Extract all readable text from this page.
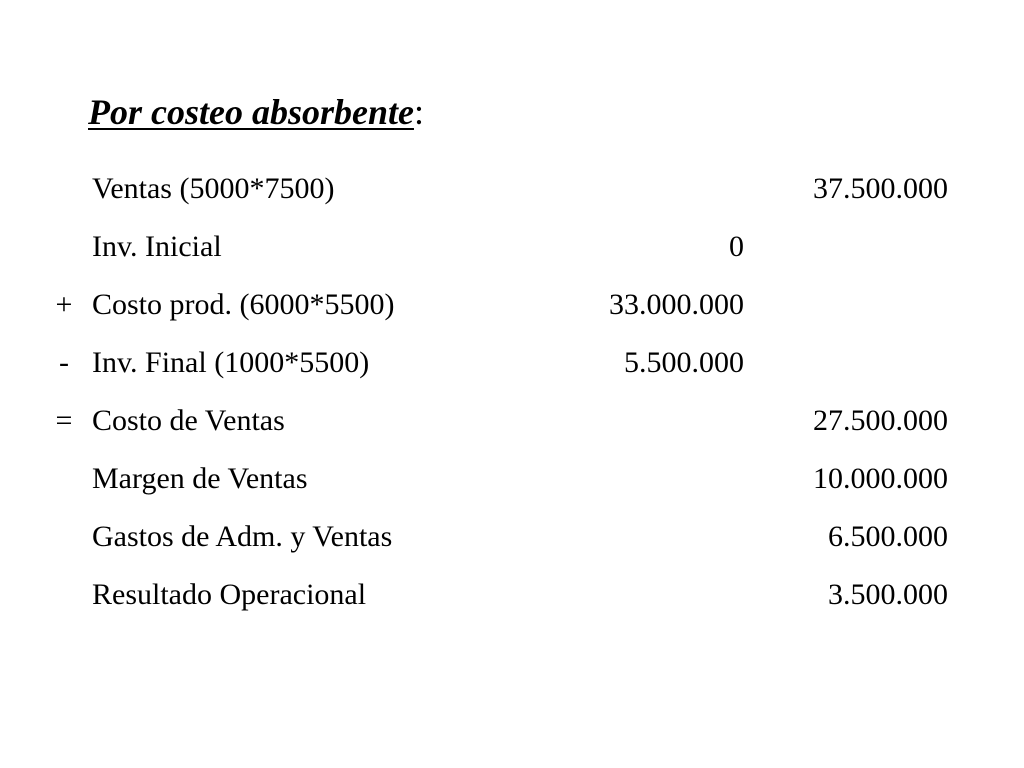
Por costeo absorbente:
Ventas (5000*7500)	37.500.000
Inv. Inicial	0
+ Costo prod. (6000*5500)	33.000.000
- Inv. Final (1000*5500)	5.500.000
= Costo de Ventas	27.500.000
Margen de Ventas	10.000.000
Gastos de Adm. y Ventas	6.500.000
Resultado Operacional	3.500.000
